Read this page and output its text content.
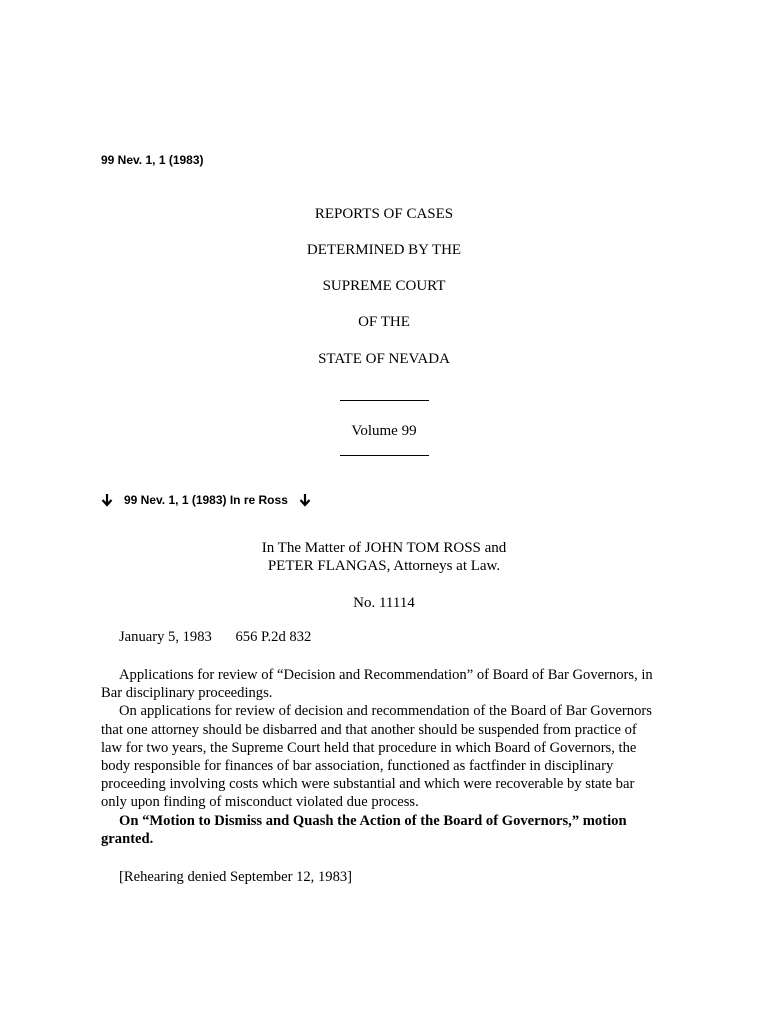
99 Nev. 1, 1 (1983)
REPORTS OF CASES
DETERMINED BY THE
SUPREME COURT
OF THE
STATE OF NEVADA
Volume 99
99 Nev. 1, 1 (1983) In re Ross
In The Matter of JOHN TOM ROSS and
PETER FLANGAS, Attorneys at Law.
No. 11114
January 5, 1983 656 P.2d 832

Applications for review of “Decision and Recommendation” of Board of Bar Governors, in Bar disciplinary proceedings.

On applications for review of decision and recommendation of the Board of Bar Governors that one attorney should be disbarred and that another should be suspended from practice of law for two years, the Supreme Court held that procedure in which Board of Governors, the body responsible for finances of bar association, functioned as factfinder in disciplinary proceeding involving costs which were substantial and which were recoverable by state bar only upon finding of misconduct violated due process.

On “Motion to Dismiss and Quash the Action of the Board of Governors,” motion granted.

[Rehearing denied September 12, 1983]
